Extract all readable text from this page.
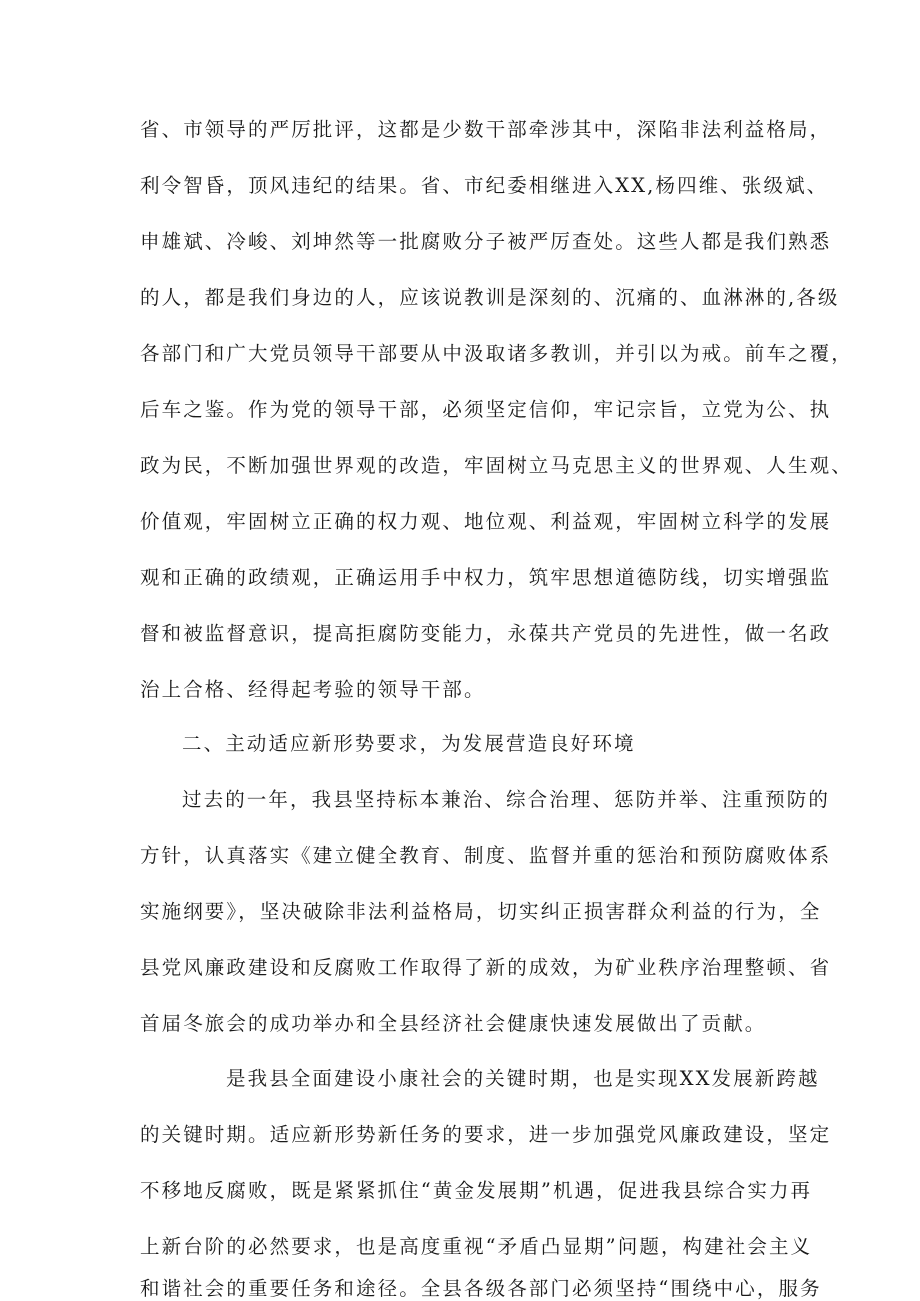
省、市领导的严厉批评，这都是少数干部牵涉其中，深陷非法利益格局，
利令智昏，顶风违纪的结果。省、市纪委相继进入XX,杨四维、张级斌、
申雄斌、冷峻、刘坤然等一批腐败分子被严厉查处。这些人都是我们熟悉
的人，都是我们身边的人，应该说教训是深刻的、沉痛的、血淋淋的,各级
各部门和广大党员领导干部要从中汲取诸多教训，并引以为戒。前车之覆，
后车之鉴。作为党的领导干部，必须坚定信仰，牢记宗旨，立党为公、执
政为民，不断加强世界观的改造，牢固树立马克思主义的世界观、人生观、
价值观，牢固树立正确的权力观、地位观、利益观，牢固树立科学的发展
观和正确的政绩观，正确运用手中权力，筑牢思想道德防线，切实增强监
督和被监督意识，提高拒腐防变能力，永葆共产党员的先进性，做一名政
治上合格、经得起考验的领导干部。
二、主动适应新形势要求，为发展营造良好环境
过去的一年，我县坚持标本兼治、综合治理、惩防并举、注重预防的
方针，认真落实《建立健全教育、制度、监督并重的惩治和预防腐败体系
实施纲要》，坚决破除非法利益格局，切实纠正损害群众利益的行为，全
县党风廉政建设和反腐败工作取得了新的成效，为矿业秩序治理整顿、省
首届冬旅会的成功举办和全县经济社会健康快速发展做出了贡献。
是我县全面建设小康社会的关键时期，也是实现XX发展新跨越
的关键时期。适应新形势新任务的要求，进一步加强党风廉政建设，坚定
不移地反腐败，既是紧紧抓住“黄金发展期”机遇，促进我县综合实力再
上新台阶的必然要求，也是高度重视“矛盾凸显期”问题，构建社会主义
和谐社会的重要任务和途径。全县各级各部门必须坚持“围绕中心，服务
